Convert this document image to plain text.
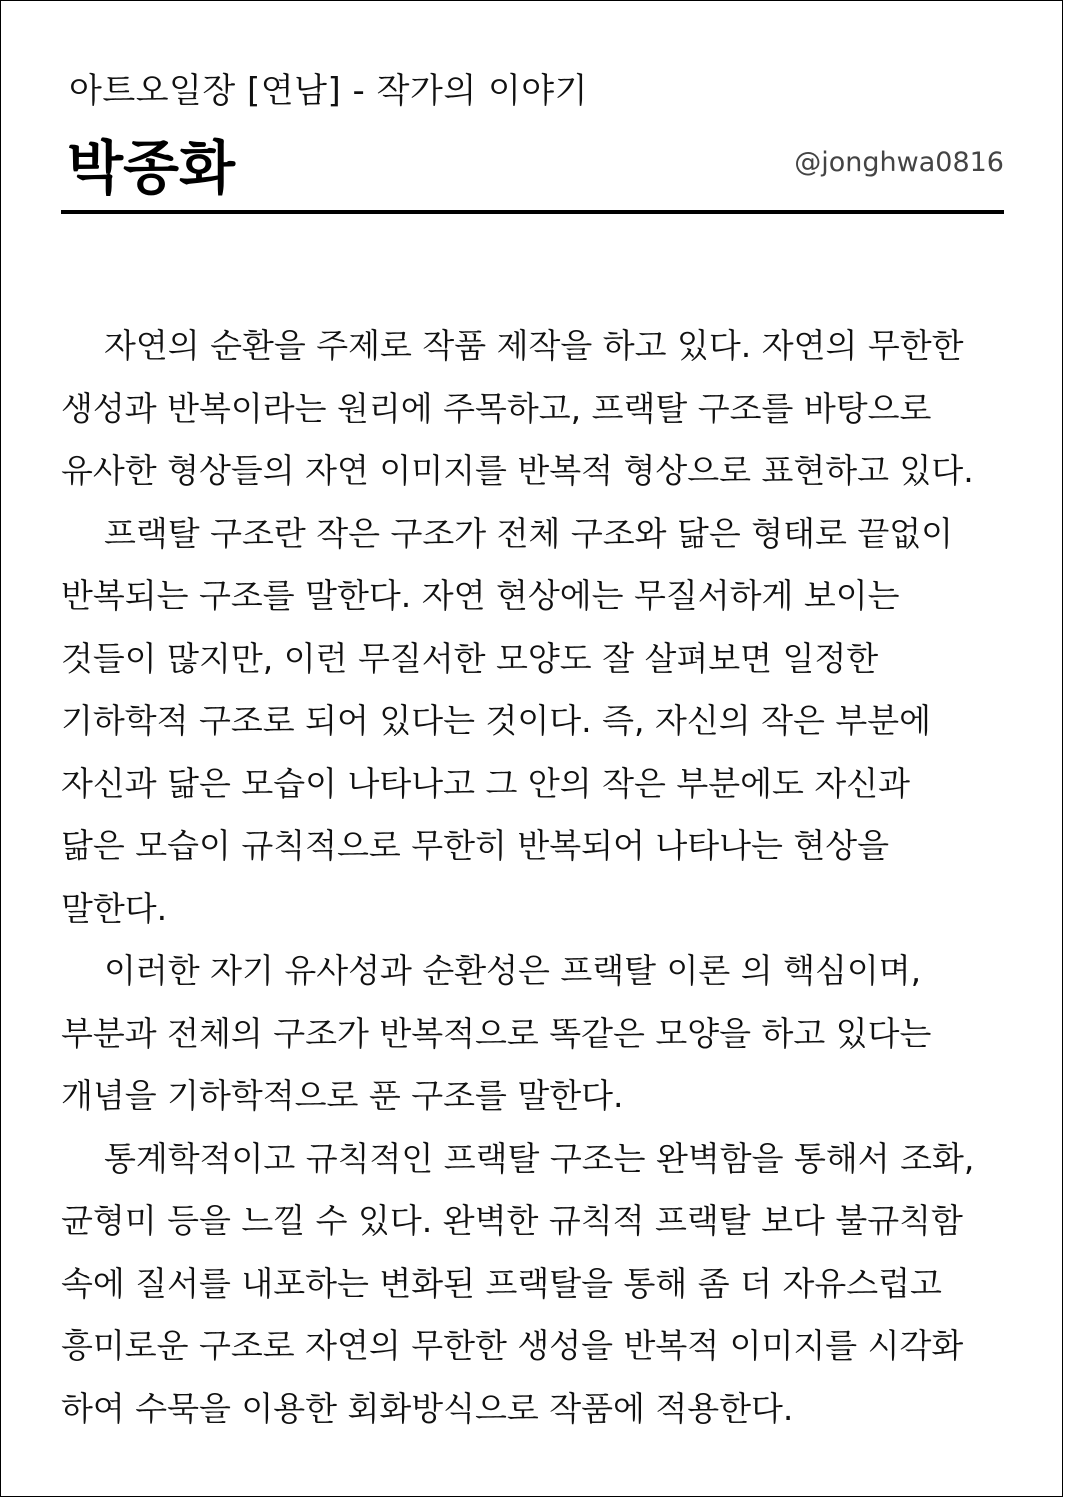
아트오일장 [연남] - 작가의 이야기
박종화	@jonghwa0816

자연의 순환을 주제로 작품 제작을 하고 있다. 자연의 무한한
생성과 반복이라는 원리에 주목하고, 프랙탈 구조를 바탕으로
유사한 형상들의 자연 이미지를 반복적 형상으로 표현하고 있다.

프랙탈 구조란 작은 구조가 전체 구조와 닮은 형태로 끝없이
반복되는 구조를 말한다. 자연 현상에는 무질서하게 보이는
것들이 많지만, 이런 무질서한 모양도 잘 살펴보면 일정한
기하학적 구조로 되어 있다는 것이다. 즉, 자신의 작은 부분에
자신과 닮은 모습이 나타나고 그 안의 작은 부분에도 자신과
닮은 모습이 규칙적으로 무한히 반복되어 나타나는 현상을
말한다.

이러한 자기 유사성과 순환성은 프랙탈 이론 의 핵심이며,
부분과 전체의 구조가 반복적으로 똑같은 모양을 하고 있다는
개념을 기하학적으로 푼 구조를 말한다.

통계학적이고 규칙적인 프랙탈 구조는 완벽함을 통해서 조화,
균형미 등을 느낄 수 있다. 완벽한 규칙적 프랙탈 보다 불규칙함
속에 질서를 내포하는 변화된 프랙탈을 통해 좀 더 자유스럽고
흥미로운 구조로 자연의 무한한 생성을 반복적 이미지를 시각화
하여 수묵을 이용한 회화방식으로 작품에 적용한다.
